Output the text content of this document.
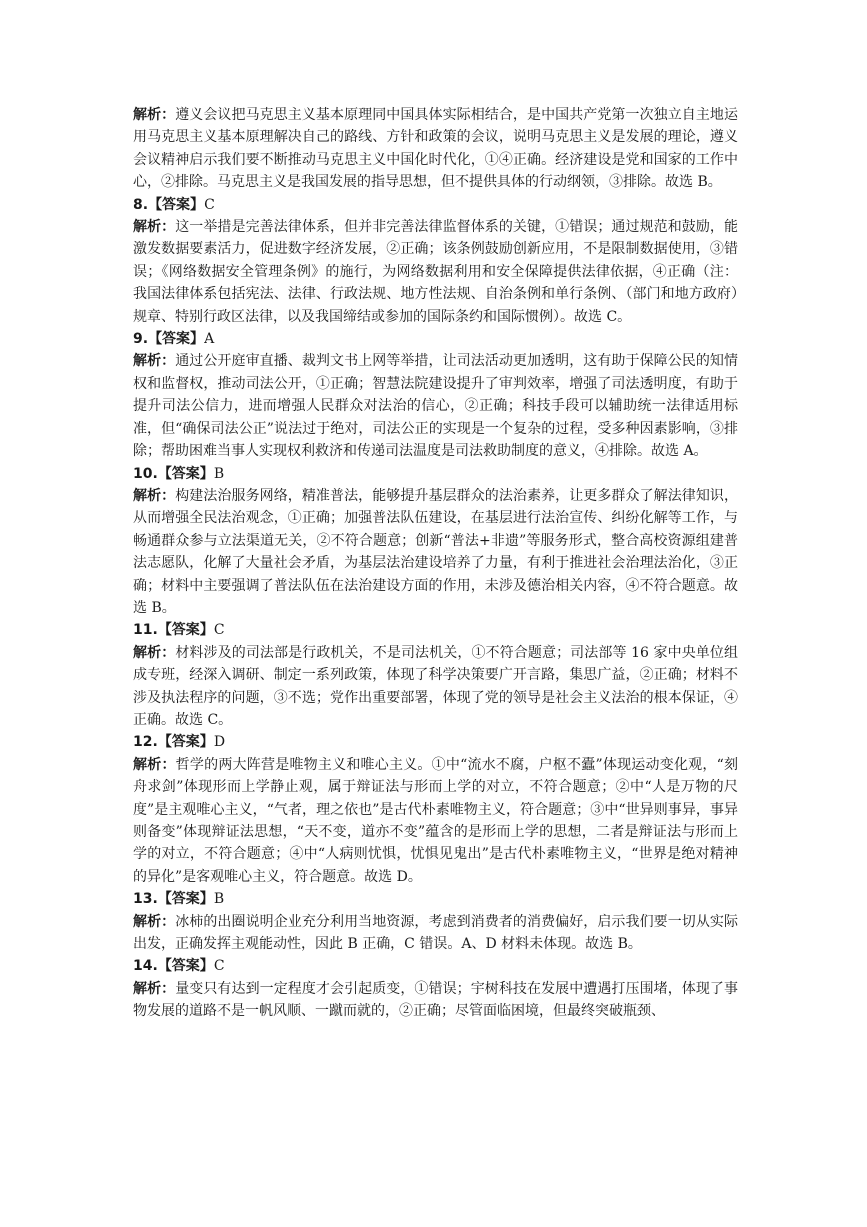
解析：遵义会议把马克思主义基本原理同中国具体实际相结合，是中国共产党第一次独立自主地运用马克思主义基本原理解决自己的路线、方针和政策的会议，说明马克思主义是发展的理论，遵义会议精神启示我们要不断推动马克思主义中国化时代化，①④正确。经济建设是党和国家的工作中心，②排除。马克思主义是我国发展的指导思想，但不提供具体的行动纲领，③排除。故选 B。

8.【答案】C

解析：这一举措是完善法律体系，但并非完善法律监督体系的关键，①错误；通过规范和鼓励，能激发数据要素活力，促进数字经济发展，②正确；该条例鼓励创新应用，不是限制数据使用，③错误；《网络数据安全管理条例》的施行，为网络数据利用和安全保障提供法律依据，④正确（注：我国法律体系包括宪法、法律、行政法规、地方性法规、自治条例和单行条例、（部门和地方政府）规章、特别行政区法律，以及我国缔结或参加的国际条约和国际惯例）。故选 C。

9.【答案】A

解析：通过公开庭审直播、裁判文书上网等举措，让司法活动更加透明，这有助于保障公民的知情权和监督权，推动司法公开，①正确；智慧法院建设提升了审判效率，增强了司法透明度，有助于提升司法公信力，进而增强人民群众对法治的信心，②正确；科技手段可以辅助统一法律适用标准，但“确保司法公正”说法过于绝对，司法公正的实现是一个复杂的过程，受多种因素影响，③排除；帮助困难当事人实现权利救济和传递司法温度是司法救助制度的意义，④排除。故选 A。

10.【答案】B

解析：构建法治服务网络，精准普法，能够提升基层群众的法治素养，让更多群众了解法律知识，从而增强全民法治观念，①正确；加强普法队伍建设，在基层进行法治宣传、纠纷化解等工作，与畅通群众参与立法渠道无关，②不符合题意；创新“普法+非遗”等服务形式，整合高校资源组建普法志愿队，化解了大量社会矛盾，为基层法治建设培养了力量，有利于推进社会治理法治化，③正确；材料中主要强调了普法队伍在法治建设方面的作用，未涉及德治相关内容，④不符合题意。故选 B。

11.【答案】C

解析：材料涉及的司法部是行政机关，不是司法机关，①不符合题意；司法部等 16 家中央单位组成专班，经深入调研、制定一系列政策，体现了科学决策要广开言路，集思广益，②正确；材料不涉及执法程序的问题，③不选；党作出重要部署，体现了党的领导是社会主义法治的根本保证，④正确。故选 C。

12.【答案】D

解析：哲学的两大阵营是唯物主义和唯心主义。①中“流水不腐，户枢不蠹”体现运动变化观，“刻舟求剑”体现形而上学静止观，属于辩证法与形而上学的对立，不符合题意；②中“人是万物的尺度”是主观唯心主义，“气者，理之依也”是古代朴素唯物主义，符合题意；③中“世异则事异，事异则备变”体现辩证法思想，“天不变，道亦不变”蕴含的是形而上学的思想，二者是辩证法与形而上学的对立，不符合题意；④中“人病则忧惧，忧惧见鬼出”是古代朴素唯物主义，“世界是绝对精神的异化”是客观唯心主义，符合题意。故选 D。

13.【答案】B

解析：冰柿的出圈说明企业充分利用当地资源，考虑到消费者的消费偏好，启示我们要一切从实际出发，正确发挥主观能动性，因此 B 正确，C 错误。A、D 材料未体现。故选 B。

14.【答案】C

解析：量变只有达到一定程度才会引起质变，①错误；宇树科技在发展中遭遇打压围堵，体现了事物发展的道路不是一帆风顺、一蹴而就的，②正确；尽管面临困境，但最终突破瓶颈、
